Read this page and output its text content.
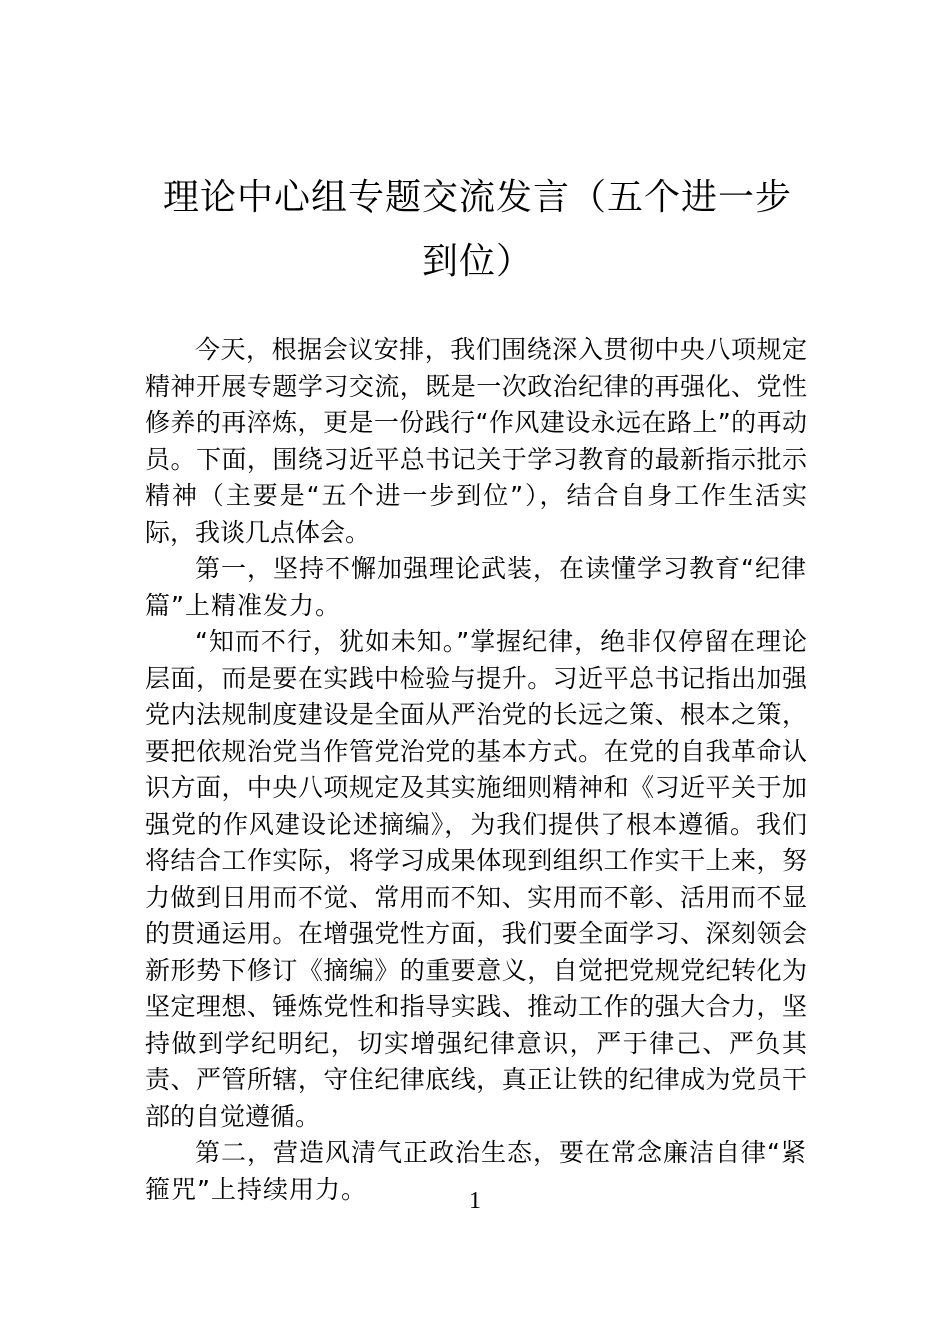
理论中心组专题交流发言（五个进一步到位）

今天，根据会议安排，我们围绕深入贯彻中央八项规定精神开展专题学习交流，既是一次政治纪律的再强化、党性修养的再淬炼，更是一份践行“作风建设永远在路上”的再动员。下面，围绕习近平总书记关于学习教育的最新指示批示精神（主要是“五个进一步到位”），结合自身工作生活实际，我谈几点体会。

第一，坚持不懈加强理论武装，在读懂学习教育“纪律篇”上精准发力。

“知而不行，犹如未知。”掌握纪律，绝非仅停留在理论层面，而是要在实践中检验与提升。习近平总书记指出加强党内法规制度建设是全面从严治党的长远之策、根本之策，要把依规治党当作管党治党的基本方式。在党的自我革命认识方面，中央八项规定及其实施细则精神和《习近平关于加强党的作风建设论述摘编》，为我们提供了根本遵循。我们将结合工作实际，将学习成果体现到组织工作实干上来，努力做到日用而不觉、常用而不知、实用而不彰、活用而不显的贯通运用。在增强党性方面，我们要全面学习、深刻领会新形势下修订《摘编》的重要意义，自觉把党规党纪转化为坚定理想、锤炼党性和指导实践、推动工作的强大合力，坚持做到学纪明纪，切实增强纪律意识，严于律己、严负其责、严管所辖，守住纪律底线，真正让铁的纪律成为党员干部的自觉遵循。

第二，营造风清气正政治生态，要在常念廉洁自律“紧箍咒”上持续用力。	1
